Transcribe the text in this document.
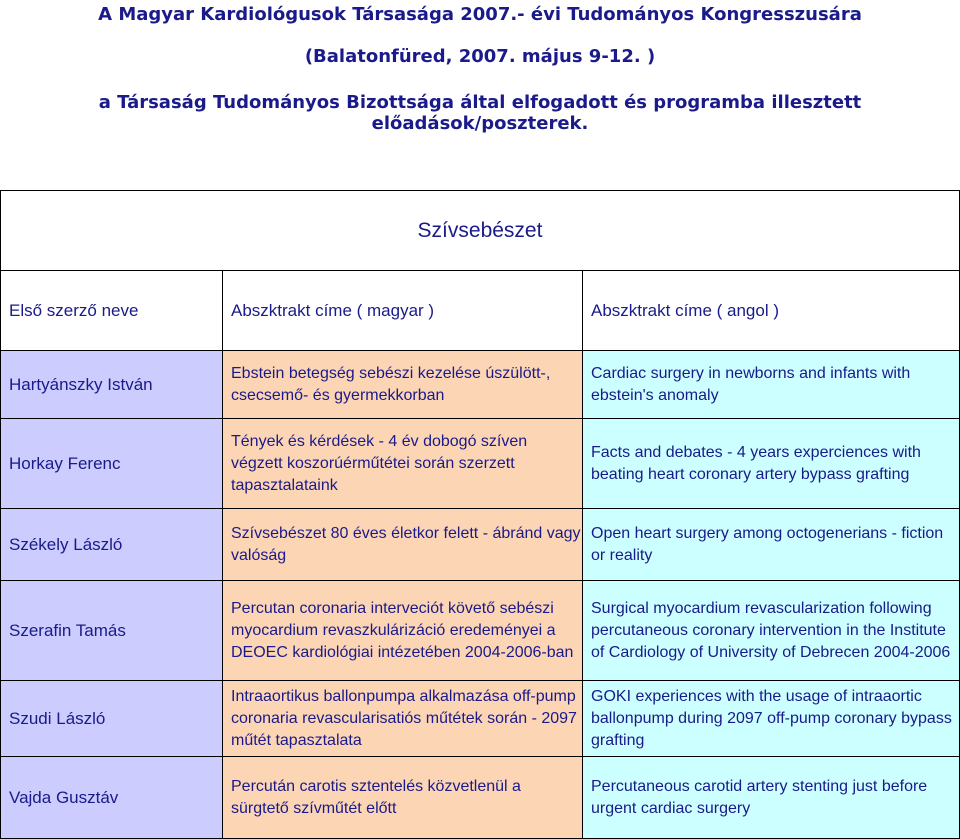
A Magyar Kardiológusok Társasága 2007.- évi Tudományos Kongresszusára
(Balatonfüred, 2007. május 9-12. )
a Társaság Tudományos Bizottsága által elfogadott és programba illesztett előadások/poszterek.
Szívsebészet		
Első szerző neve	Abszktrakt címe ( magyar )	Abszktrakt címe ( angol )
Hartyánszky István	Ebstein betegség sebészi kezelése úszülött-, csecsemő- és gyermekkorban	Cardiac surgery in newborns and infants with ebstein's anomaly
Horkay Ferenc	Tények és kérdések - 4 év dobogó szíven végzett koszorúérműtétei során szerzett tapasztalataink	Facts and debates - 4 years experciences with beating heart coronary artery bypass grafting
Székely László	Szívsebészet 80 éves életkor felett - ábránd vagy valóság	Open heart surgery among octogenerians - fiction or reality
Szerafin Tamás	Percutan coronaria interveciót követő sebészi myocardium revaszkulárizáció eredeményei a DEOEC kardiológiai intézetében 2004-2006-ban	Surgical myocardium revascularization following percutaneous coronary intervention in the Institute of Cardiology of University of Debrecen 2004-2006
Szudi László	Intraaortikus ballonpumpa alkalmazása off-pump coronaria revascularisatiós műtétek során - 2097 műtét tapasztalata	GOKI experiences with the usage of intraaortic ballonpump during 2097 off-pump coronary bypass grafting
Vajda Gusztáv	Percután carotis sztentelés közvetlenül a sürgtető szívműtét előtt	Percutaneous carotid artery stenting just before urgent cardiac surgery
